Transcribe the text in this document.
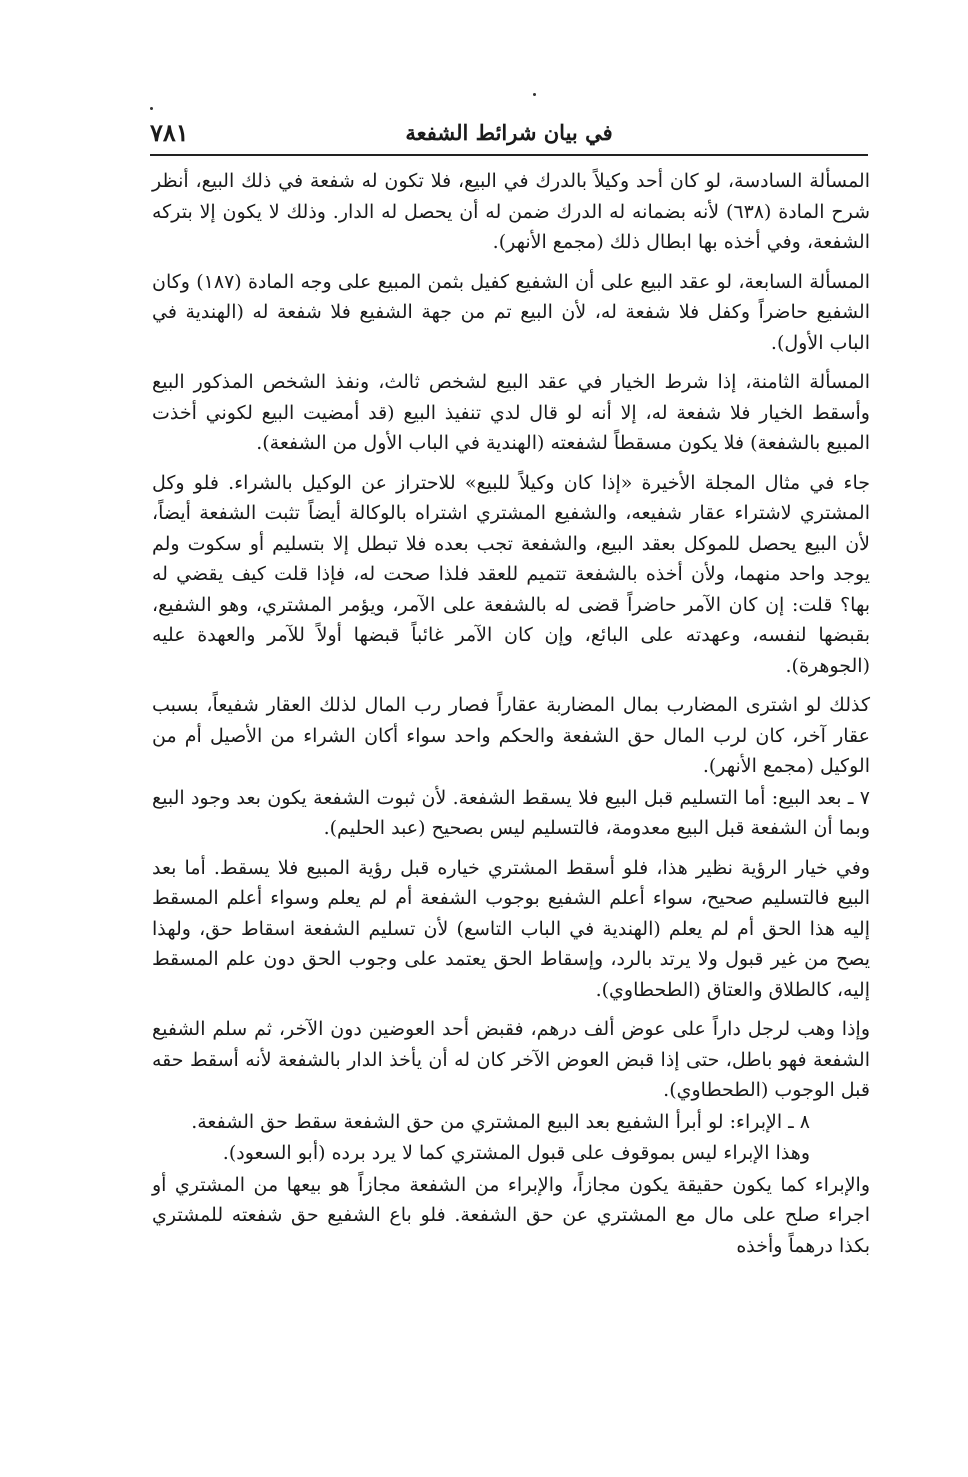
في بيان شرائط الشفعة
٧٨١

المسألة السادسة، لو كان أحد وكيلاً بالدرك في البيع، فلا تكون له شفعة في ذلك البيع، أنظر شرح المادة (٦٣٨) لأنه بضمانه له الدرك ضمن له أن يحصل له الدار. وذلك لا يكون إلا بتركه الشفعة، وفي أخذه بها ابطال ذلك (مجمع الأنهر).

المسألة السابعة، لو عقد البيع على أن الشفيع كفيل بثمن المبيع على وجه المادة (١٨٧) وكان الشفيع حاضراً وكفل فلا شفعة له، لأن البيع تم من جهة الشفيع فلا شفعة له (الهندية في الباب الأول).

المسألة الثامنة، إذا شرط الخيار في عقد البيع لشخص ثالث، ونفذ الشخص المذكور البيع وأسقط الخيار فلا شفعة له، إلا أنه لو قال لدي تنفيذ البيع (قد أمضيت البيع لكوني أخذت المبيع بالشفعة) فلا يكون مسقطاً لشفعته (الهندية في الباب الأول من الشفعة).

جاء في مثال المجلة الأخيرة «إذا كان وكيلاً للبيع» للاحتراز عن الوكيل بالشراء. فلو وكل المشتري لاشتراء عقار شفيعه، والشفيع المشتري اشتراه بالوكالة أيضاً تثبت الشفعة أيضاً، لأن البيع يحصل للموكل بعقد البيع، والشفعة تجب بعده فلا تبطل إلا بتسليم أو سكوت ولم يوجد واحد منهما، ولأن أخذه بالشفعة تتميم للعقد فلذا صحت له، فإذا قلت كيف يقضي له بها؟ قلت: إن كان الآمر حاضراً قضى له بالشفعة على الآمر، ويؤمر المشتري، وهو الشفيع، بقبضها لنفسه، وعهدته على البائع، وإن كان الآمر غائباً قبضها أولاً للآمر والعهدة عليه (الجوهرة).

كذلك لو اشترى المضارب بمال المضاربة عقاراً فصار رب المال لذلك العقار شفيعاً، بسبب عقار آخر، كان لرب المال حق الشفعة والحكم واحد سواء أكان الشراء من الأصيل أم من الوكيل (مجمع الأنهر).

٧ ـ بعد البيع: أما التسليم قبل البيع فلا يسقط الشفعة. لأن ثبوت الشفعة يكون بعد وجود البيع وبما أن الشفعة قبل البيع معدومة، فالتسليم ليس بصحيح (عبد الحليم).

وفي خيار الرؤية نظير هذا، فلو أسقط المشتري خياره قبل رؤية المبيع فلا يسقط. أما بعد البيع فالتسليم صحيح، سواء أعلم الشفيع بوجوب الشفعة أم لم يعلم وسواء أعلم المسقط إليه هذا الحق أم لم يعلم (الهندية في الباب التاسع) لأن تسليم الشفعة اسقاط حق، ولهذا يصح من غير قبول ولا يرتد بالرد، وإسقاط الحق يعتمد على وجوب الحق دون علم المسقط إليه، كالطلاق والعتاق (الطحطاوي).

وإذا وهب لرجل داراً على عوض ألف درهم، فقبض أحد العوضين دون الآخر، ثم سلم الشفيع الشفعة فهو باطل، حتى إذا قبض العوض الآخر كان له أن يأخذ الدار بالشفعة لأنه أسقط حقه قبل الوجوب (الطحطاوي).

٨ ـ الإبراء: لو أبرأ الشفيع بعد البيع المشتري من حق الشفعة سقط حق الشفعة.

وهذا الإبراء ليس بموقوف على قبول المشتري كما لا يرد برده (أبو السعود).

والإبراء كما يكون حقيقة يكون مجازاً، والإبراء من الشفعة مجازاً هو بيعها من المشتري أو اجراء صلح على مال مع المشتري عن حق الشفعة. فلو باع الشفيع حق شفعته للمشتري بكذا درهماً وأخذه
